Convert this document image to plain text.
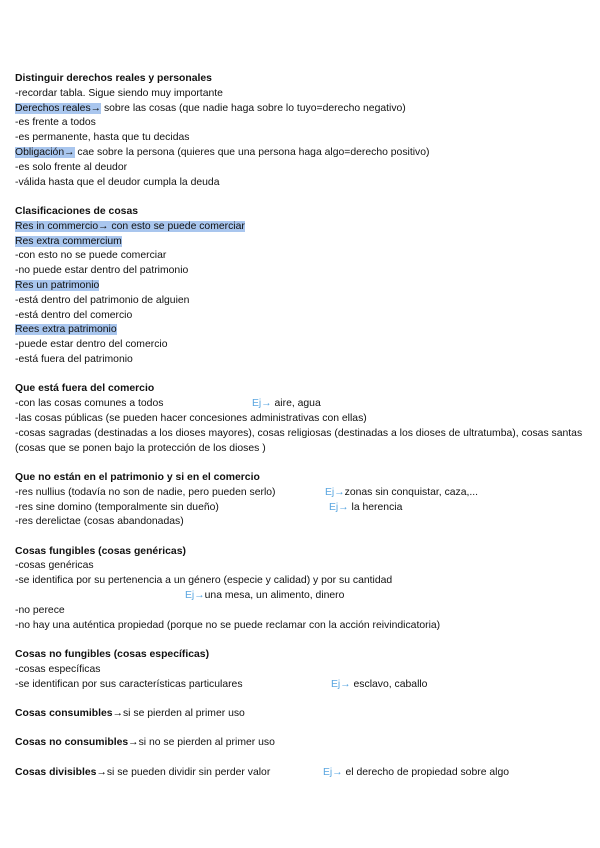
Distinguir derechos reales y personales
-recordar tabla. Sigue siendo muy importante
Derechos reales→ sobre las cosas (que nadie haga sobre lo tuyo=derecho negativo)
-es frente a todos
-es permanente, hasta que tu decidas
Obligación→ cae sobre la persona (quieres que una persona haga algo=derecho positivo)
-es solo frente al deudor
-válida hasta que el deudor cumpla la deuda
Clasificaciones de cosas
Res in commercio→ con esto se puede comerciar
Res extra commercium
-con esto no se puede comerciar
-no puede estar dentro del patrimonio
Res un patrimonio
-está dentro del patrimonio de alguien
-está dentro del comercio
Rees extra patrimonio
-puede estar dentro del comercio
-está fuera del patrimonio
Que está fuera del comercio
-con las cosas comunes a todos	Ej→ aire, agua
-las cosas públicas (se pueden hacer concesiones administrativas con ellas)
-cosas sagradas (destinadas a los dioses mayores), cosas religiosas (destinadas a los dioses de ultratumba), cosas santas (cosas que se ponen bajo la protección de los dioses )
Que no están en el patrimonio y si en el comercio
-res nullius (todavía no son de nadie, pero pueden serlo)	Ej→zonas sin conquistar, caza,...
-res sine domino (temporalmente sin dueño)	Ej→ la herencia
-res derelictae (cosas abandonadas)
Cosas fungibles (cosas genéricas)
-cosas genéricas
-se identifica por su pertenencia a un género (especie y calidad) y por su cantidad
Ej→una mesa, un alimento, dinero
-no perece
-no hay una auténtica propiedad (porque no se puede reclamar con la acción reivindicatoria)
Cosas no fungibles (cosas específicas)
-cosas específicas
-se identifican por sus características particulares	Ej→ esclavo, caballo
Cosas consumibles→si se pierden al primer uso
Cosas no consumibles→si no se pierden al primer uso
Cosas divisibles→si se pueden dividir sin perder valor	Ej→ el derecho de propiedad sobre algo
